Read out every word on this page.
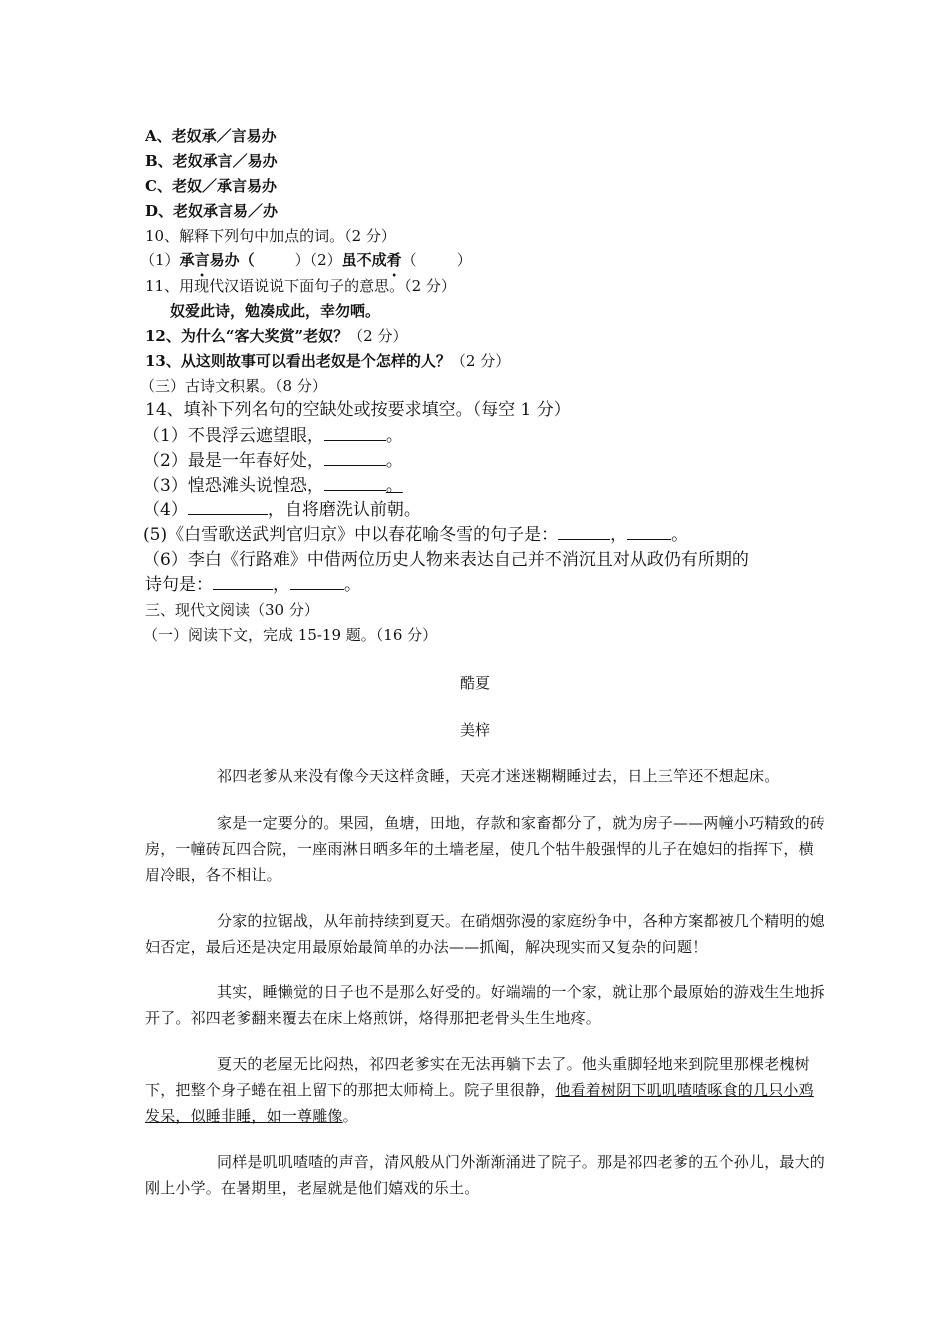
A、老奴承／言易办
B、老奴承言／易办
C、老奴／承言易办
D、老奴承言易／办
10、解释下列句中加点的词。（2 分）
（1）承言易办（	）（2）虽不成肴（	）
11、用现代汉语说说下面句子的意思。（2 分）
奴爱此诗，勉凑成此，幸勿哂。
12、为什么“客大奖赏”老奴？（2 分）
13、从这则故事可以看出老奴是个怎样的人？（2 分）
（三）古诗文积累。（8 分）
14、填补下列名句的空缺处或按要求填空。（每空 1 分）
（1）不畏浮云遮望眼，	。
（2）最是一年春好处，	。
（3）惶恐滩头说惶恐，	。
（4）	，自将磨洗认前朝。
(5)《白雪歌送武判官归京》中以春花喻冬雪的句子是：	，	。
（6）李白《行路难》中借两位历史人物来表达自己并不消沉且对从政仍有所期的
诗句是：	，	。
三、现代文阅读（30 分）
（一）阅读下文，完成 15-19 题。（16 分）
酷夏
美梓
祁四老爹从来没有像今天这样贪睡，天亮才迷迷糊糊睡过去，日上三竿还不想起床。
家是一定要分的。果园，鱼塘，田地，存款和家畜都分了，就为房子——两幢小巧精致的砖房，一幢砖瓦四合院，一座雨淋日晒多年的土墙老屋，使几个牯牛般强悍的儿子在媳妇的指挥下，横眉冷眼，各不相让。
分家的拉锯战，从年前持续到夏天。在硝烟弥漫的家庭纷争中，各种方案都被几个精明的媳妇否定，最后还是决定用最原始最简单的办法——抓阄，解决现实而又复杂的问题！
其实，睡懒觉的日子也不是那么好受的。好端端的一个家，就让那个最原始的游戏生生地拆开了。祁四老爹翻来覆去在床上烙煎饼，烙得那把老骨头生生地疼。
夏天的老屋无比闷热，祁四老爹实在无法再躺下去了。他头重脚轻地来到院里那棵老槐树下，把整个身子蜷在祖上留下的那把太师椅上。院子里很静，他看着树阴下叽叽喳喳啄食的几只小鸡发呆，似睡非睡，如一尊雕像。
同样是叽叽喳喳的声音，清风般从门外渐渐涌进了院子。那是祁四老爹的五个孙儿，最大的刚上小学。在暑期里，老屋就是他们嬉戏的乐土。
